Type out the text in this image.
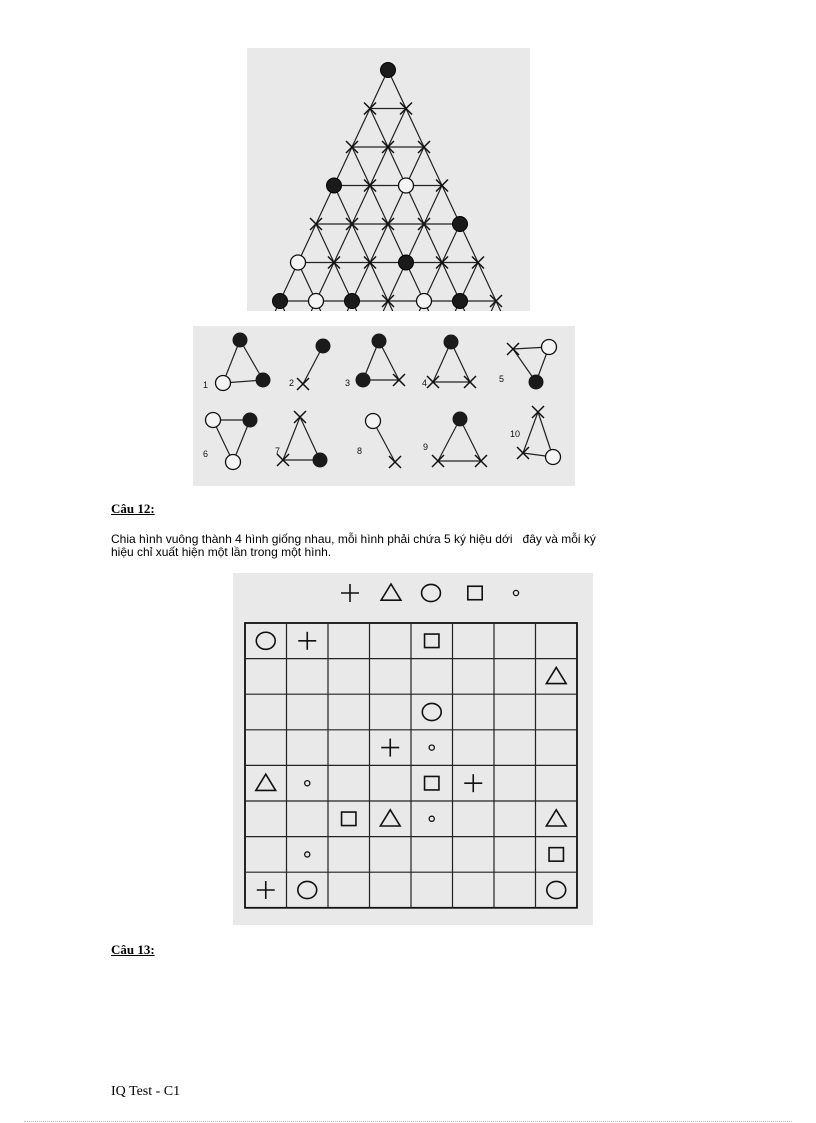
1	2	3	4	5
6	7	8	9
10
Câu 12:
Chia hình vuông thành 4 hình giống nhau, mỗi hình phải chứa 5 ký hiệu dới   đây và mỗi ký
hiệu chỉ xuất hiện một lần trong một hình.
Câu 13:
IQ Test - C1
